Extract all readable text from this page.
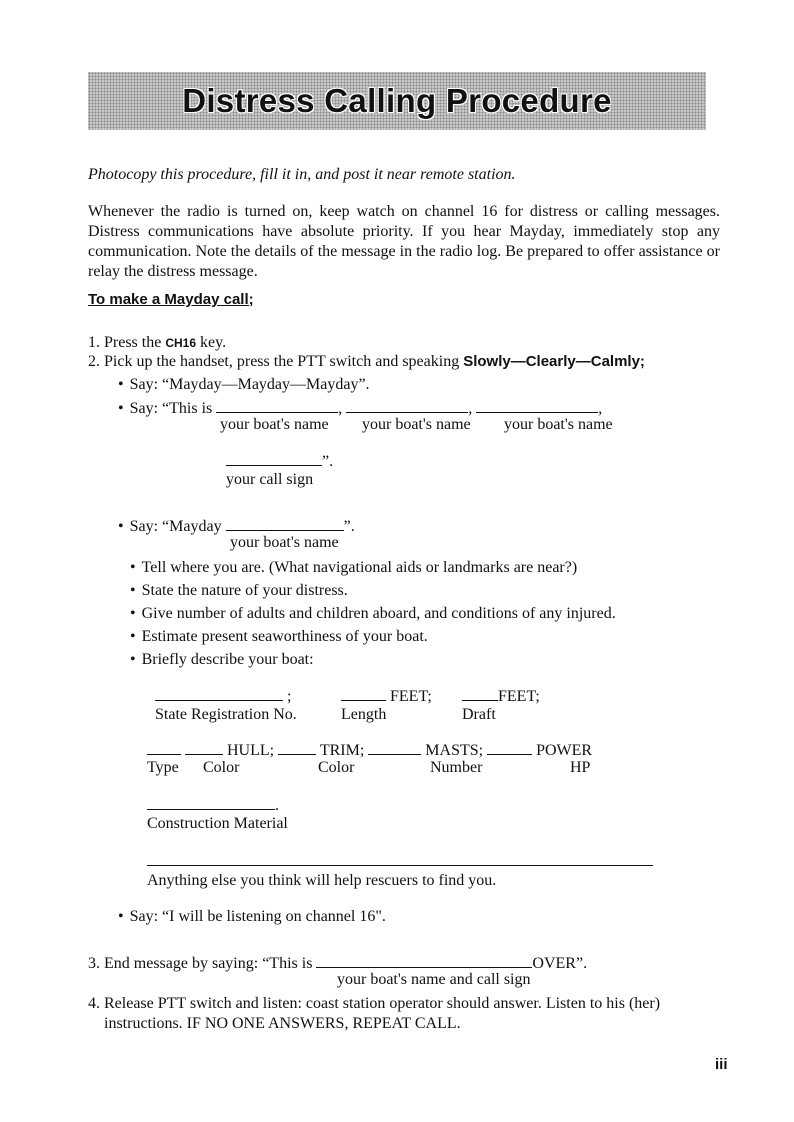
Distress Calling Procedure
Photocopy this procedure, fill it in, and post it near remote station.
Whenever the radio is turned on, keep watch on channel 16 for distress or calling messages. Distress communications have absolute priority. If you hear Mayday, immediately stop any communication. Note the details of the message in the radio log. Be prepared to offer assistance or relay the distress message.
To make a Mayday call;
1. Press the CH16 key.
2. Pick up the handset, press the PTT switch and speaking Slowly—Clearly—Calmly;
• Say: “Mayday—Mayday—Mayday”.
• Say: “This is	,	,	,
your boat's name your boat's name your boat's name
”.
your call sign
• Say: “Mayday	”.
your boat's name
• Tell where you are. (What navigational aids or landmarks are near?)
• State the nature of your distress.
• Give number of adults and children aboard, and conditions of any injured.
• Estimate present seaworthiness of your boat.
• Briefly describe your boat:
;	FEET;	FEET;
State Registration No.	Length	Draft
HULL;	TRIM;	MASTS;	POWER
Type Color	Color	Number	HP
.
Construction Material
Anything else you think will help rescuers to find you.
• Say: “I will be listening on channel 16".
3. End message by saying: “This is	OVER”.
your boat's name and call sign
4. Release PTT switch and listen: coast station operator should answer. Listen to his (her)
instructions. IF NO ONE ANSWERS, REPEAT CALL.
iii
